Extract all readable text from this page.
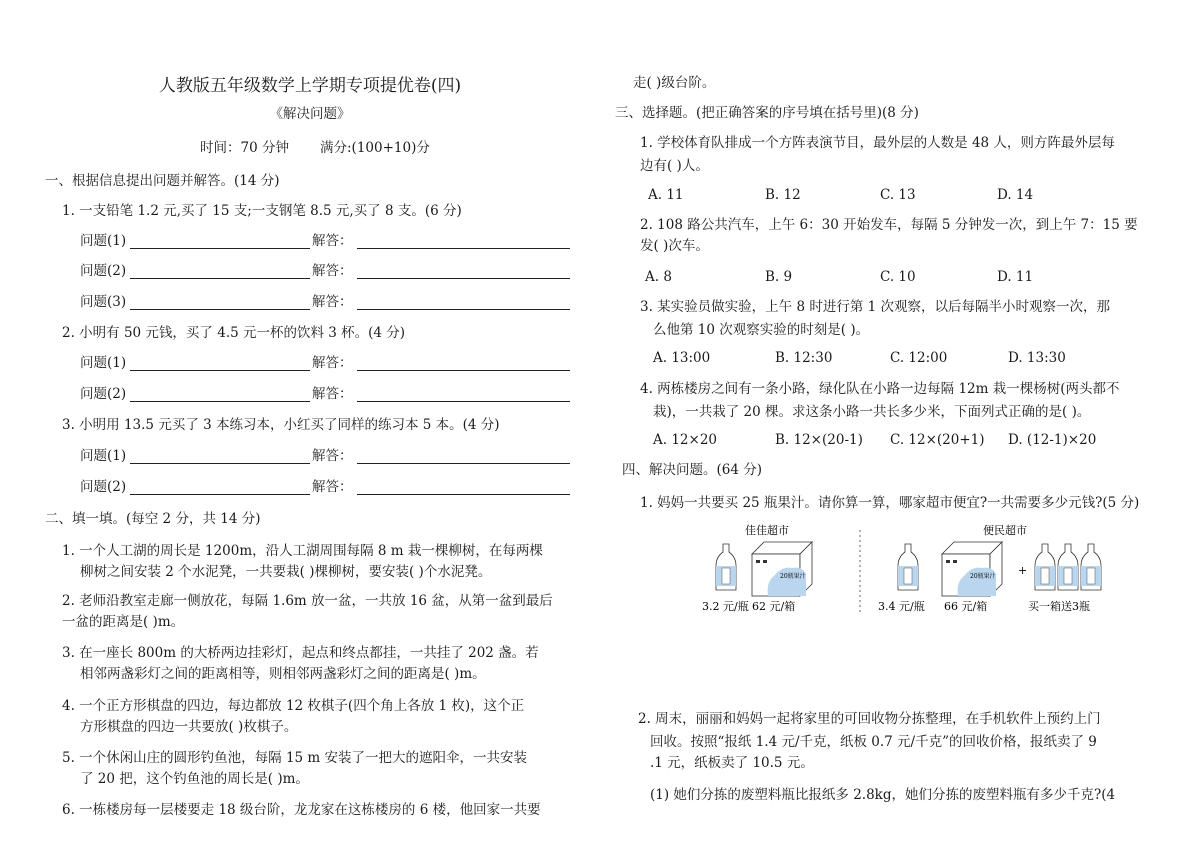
人教版五年级数学上学期专项提优卷(四)
《解决问题》
时间：70 分钟 满分:(100+10)分
一、根据信息提出问题并解答。(14 分)
1. 一支铅笔 1.2 元,买了 15 支;一支钢笔 8.5 元,买了 8 支。(6 分)
问题(1)	解答：
问题(2)	解答：
问题(3)	解答：
2. 小明有 50 元钱，买了 4.5 元一杯的饮料 3 杯。(4 分)
问题(1)	解答：
问题(2)	解答：
3. 小明用 13.5 元买了 3 本练习本，小红买了同样的练习本 5 本。(4 分)
问题(1)	解答：
问题(2)	解答：
二、填一填。(每空 2 分，共 14 分)
1. 一个人工湖的周长是 1200m，沿人工湖周围每隔 8 m 栽一棵柳树，在每两棵
柳树之间安装 2 个水泥凳，一共要栽( )棵柳树，要安装( )个水泥凳。
2. 老师沿教室走廊一侧放花，每隔 1.6m 放一盆，一共放 16 盆，从第一盆到最后
一盆的距离是( )m。
3. 在一座长 800m 的大桥两边挂彩灯，起点和终点都挂，一共挂了 202 盏。若
相邻两盏彩灯之间的距离相等，则相邻两盏彩灯之间的距离是( )m。
4. 一个正方形棋盘的四边，每边都放 12 枚棋子(四个角上各放 1 枚)，这个正
方形棋盘的四边一共要放( )枚棋子。
5. 一个休闲山庄的圆形钓鱼池，每隔 15 m 安装了一把大的遮阳伞，一共安装
了 20 把，这个钓鱼池的周长是( )m。
6. 一栋楼房每一层楼要走 18 级台阶，龙龙家在这栋楼房的 6 楼，他回家一共要
走( )级台阶。
三、选择题。(把正确答案的序号填在括号里)(8 分)
1. 学校体育队排成一个方阵表演节目，最外层的人数是 48 人，则方阵最外层每
边有( )人。
A. 11	B. 12	C. 13	D. 14
2. 108 路公共汽车，上午 6：30 开始发车，每隔 5 分钟发一次，到上午 7：15 要
发( )次车。
A. 8	B. 9	C. 10	D. 11
3. 某实验员做实验，上午 8 时进行第 1 次观察，以后每隔半小时观察一次，那
么他第 10 次观察实验的时刻是( )。
A. 13:00	B. 12:30	C. 12:00	D. 13:30
4. 两栋楼房之间有一条小路，绿化队在小路一边每隔 12m 栽一棵杨树(两头都不
栽)，一共栽了 20 棵。求这条小路一共长多少米，下面列式正确的是( )。
A. 12×20	B. 12×(20-1) C. 12×(20+1) D. (12-1)×20
四、解决问题。(64 分)
1. 妈妈一共要买 25 瓶果汁。请你算一算，哪家超市便宜?一共需要多少元钱?(5 分)
2. 周末，丽丽和妈妈一起将家里的可回收物分拣整理，在手机软件上预约上门
回收。按照“报纸 1.4 元/千克，纸板 0.7 元/千克”的回收价格，报纸卖了 9
.1 元，纸板卖了 10.5 元。
(1) 她们分拣的废塑料瓶比报纸多 2.8kg，她们分拣的废塑料瓶有多少千克?(4
佳佳超市
20瓶果汁
3.2 元/瓶 62 元/箱
便民超市
20瓶果汁 +
3.4 元/瓶 66 元/箱	买一箱送3瓶
